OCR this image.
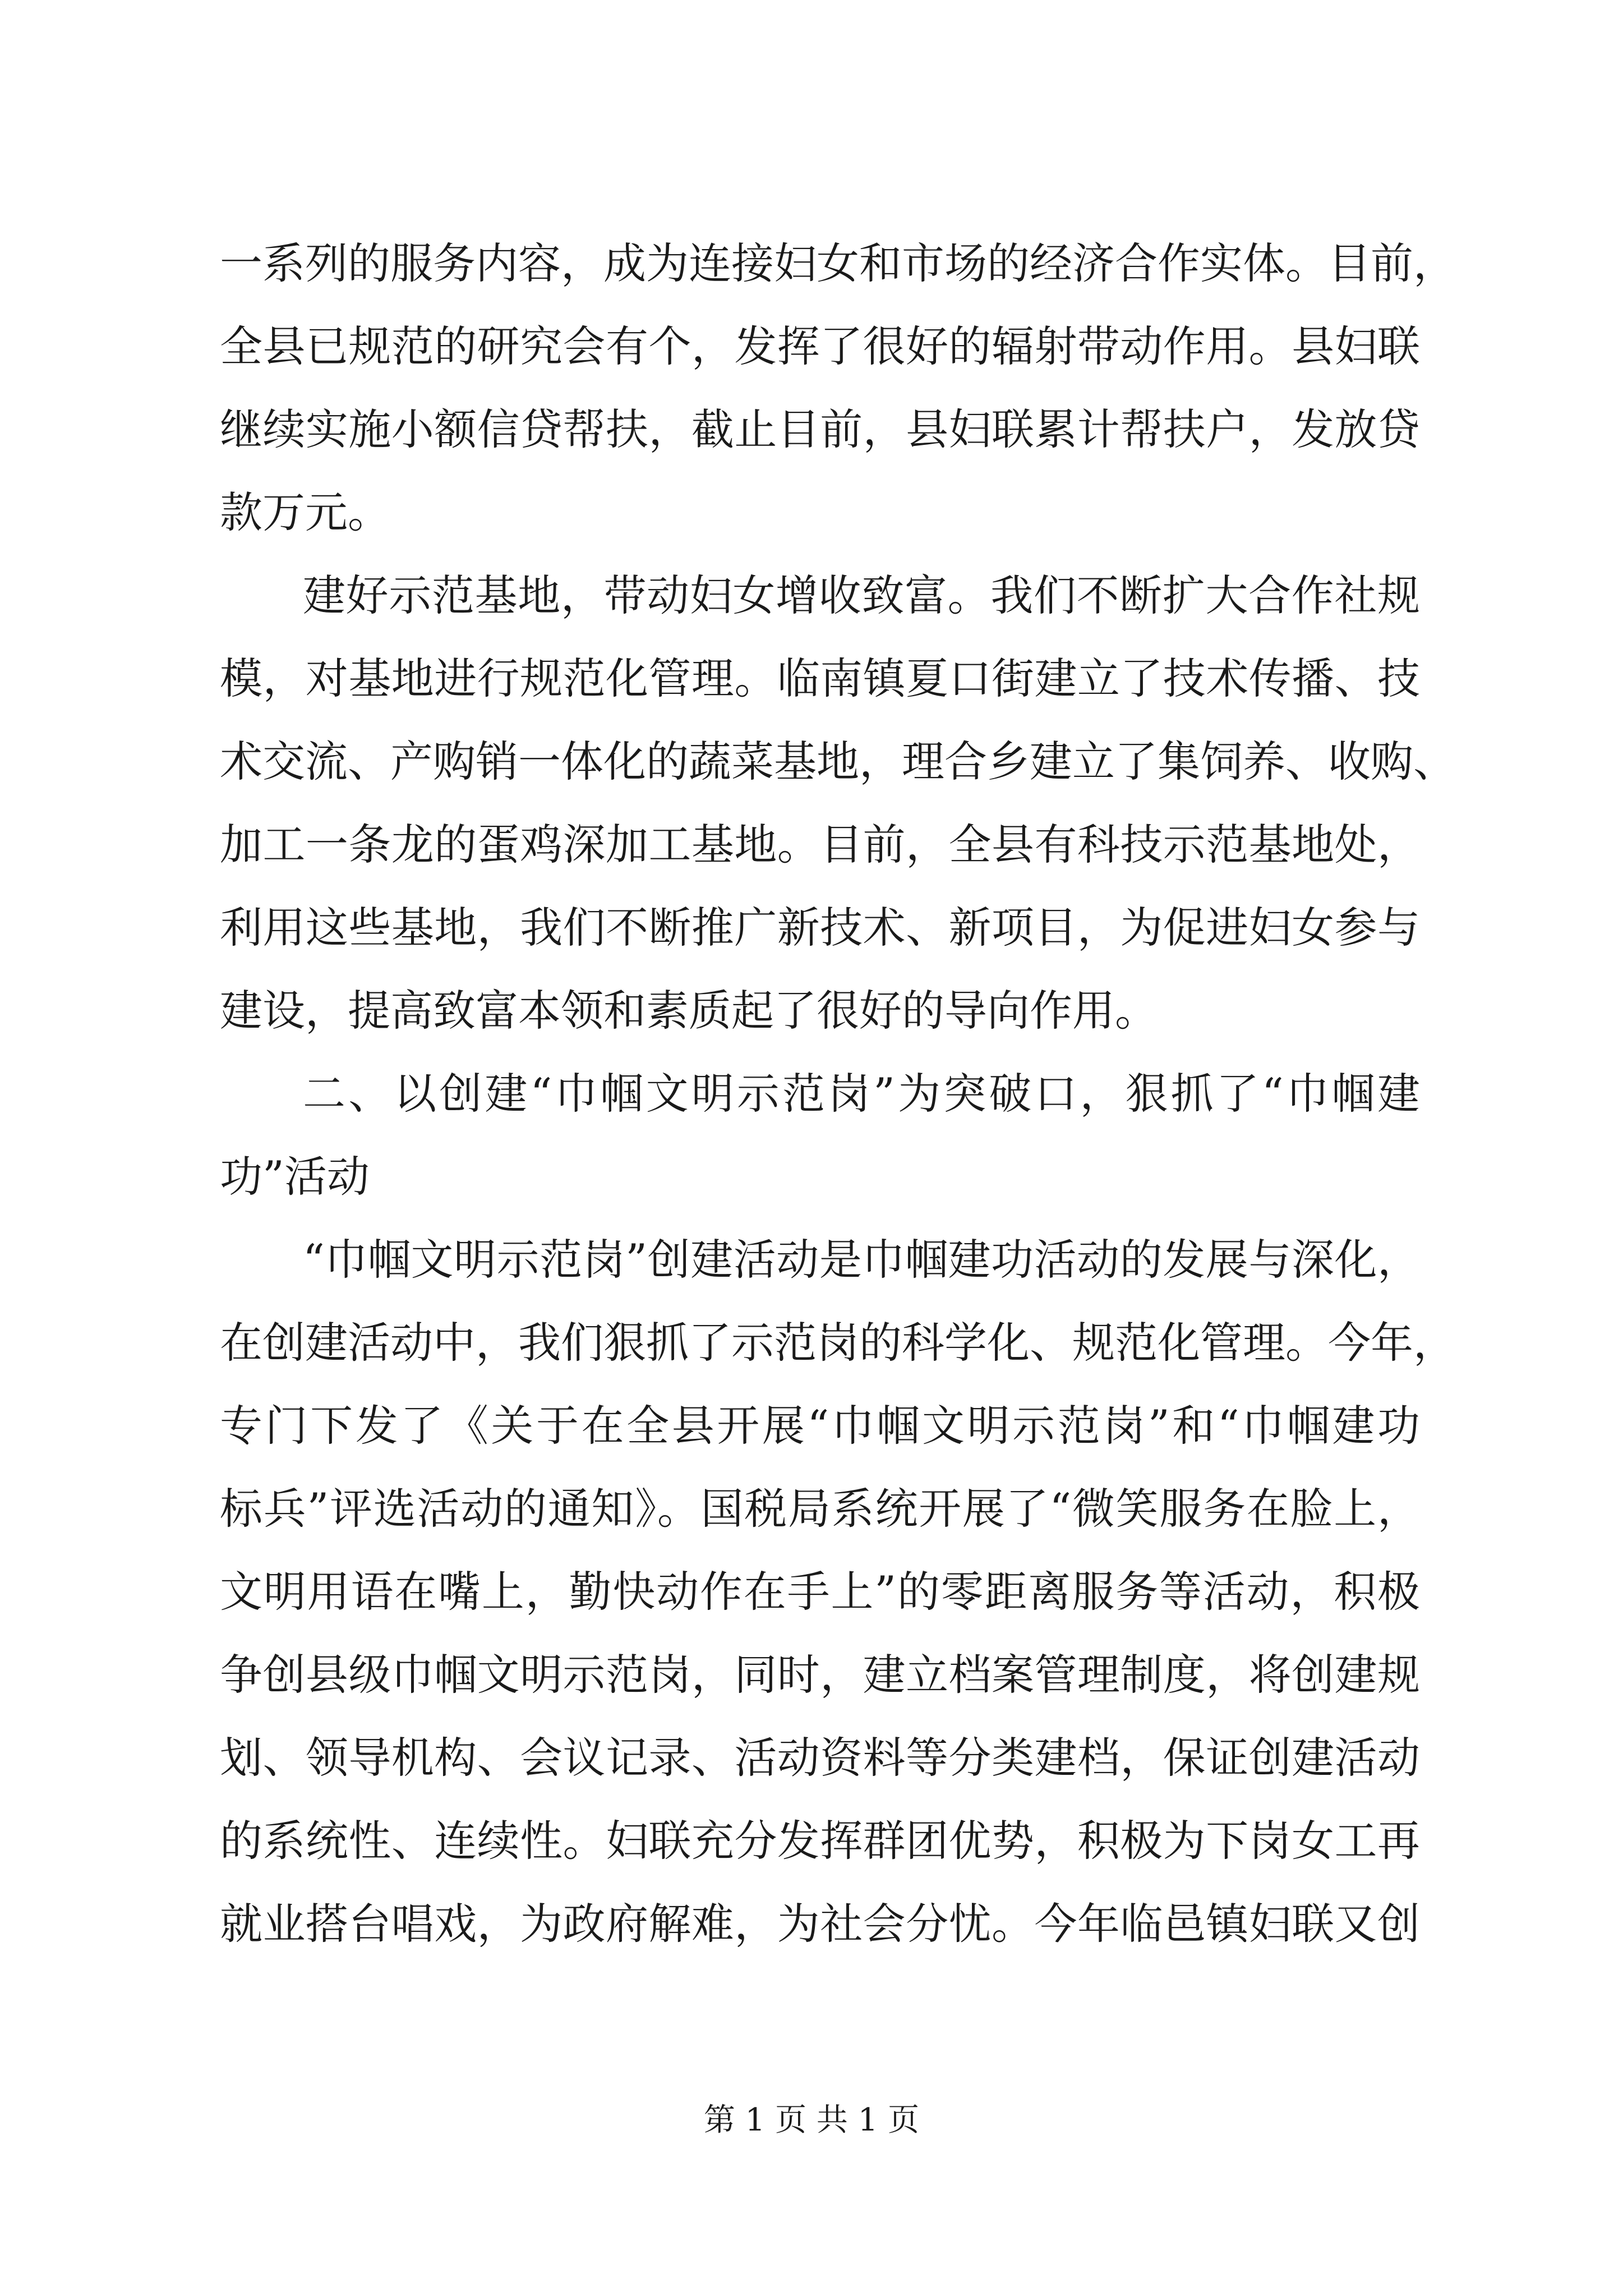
一系列的服务内容，成为连接妇女和市场的经济合作实体。目前，
全县已规范的研究会有个，发挥了很好的辐射带动作用。县妇联
继续实施小额信贷帮扶，截止目前，县妇联累计帮扶户，发放贷
款万元。
建好示范基地，带动妇女增收致富。我们不断扩大合作社规
模，对基地进行规范化管理。临南镇夏口街建立了技术传播、技
术交流、产购销一体化的蔬菜基地，理合乡建立了集饲养、收购、
加工一条龙的蛋鸡深加工基地。目前，全县有科技示范基地处，
利用这些基地，我们不断推广新技术、新项目，为促进妇女参与
建设，提高致富本领和素质起了很好的导向作用。
二、以创建“巾帼文明示范岗”为突破口，狠抓了“巾帼建
功”活动
“巾帼文明示范岗”创建活动是巾帼建功活动的发展与深化，
在创建活动中，我们狠抓了示范岗的科学化、规范化管理。今年，
专门下发了《关于在全县开展“巾帼文明示范岗”和“巾帼建功
标兵”评选活动的通知》。国税局系统开展了“微笑服务在脸上，
文明用语在嘴上，勤快动作在手上”的零距离服务等活动，积极
争创县级巾帼文明示范岗，同时，建立档案管理制度，将创建规
划、领导机构、会议记录、活动资料等分类建档，保证创建活动
的系统性、连续性。妇联充分发挥群团优势，积极为下岗女工再
就业搭台唱戏，为政府解难，为社会分忧。今年临邑镇妇联又创
第 1 页 共 1 页
